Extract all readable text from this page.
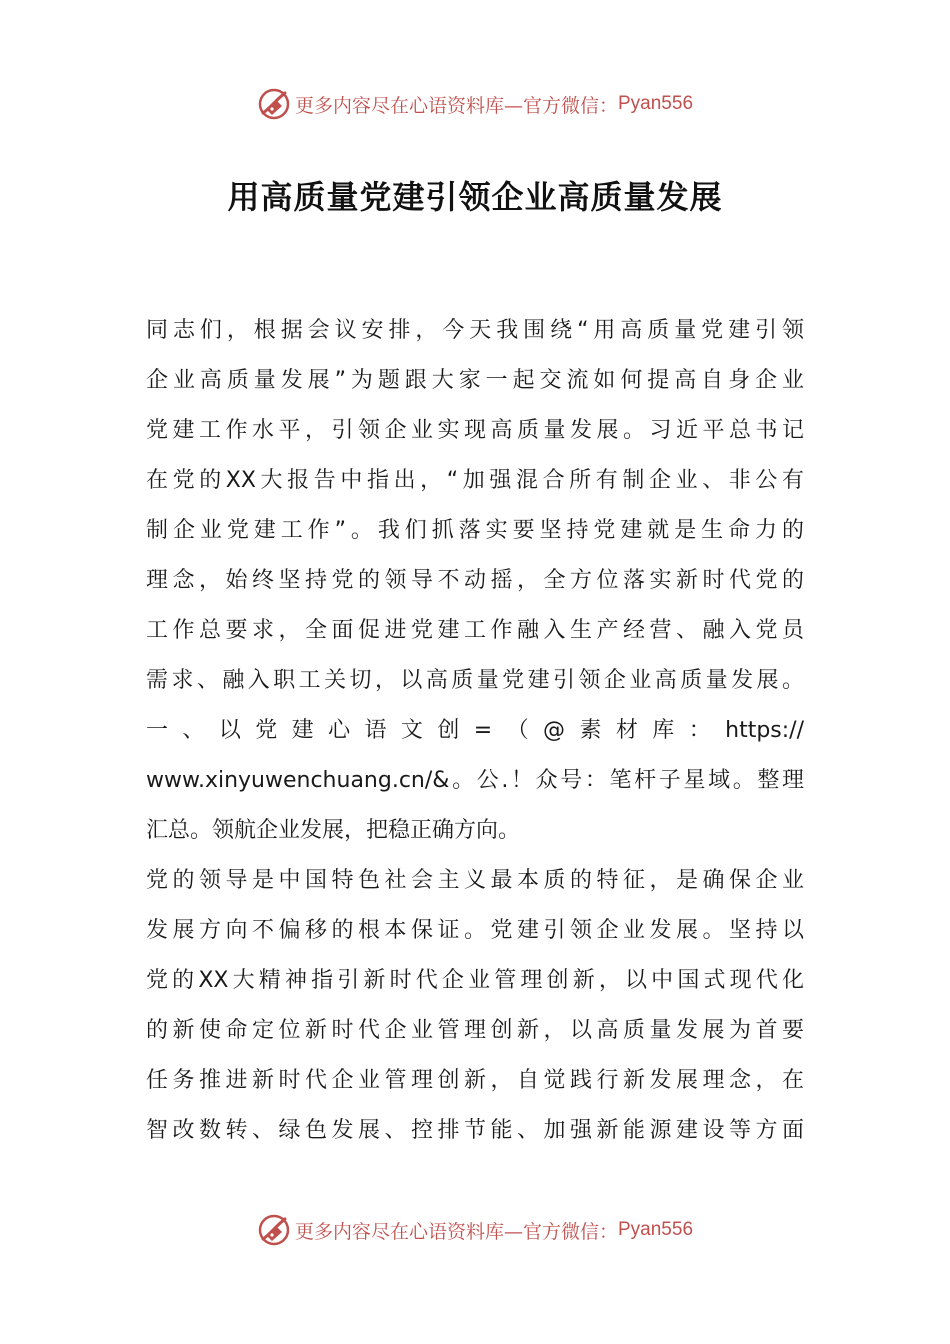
更多内容尽在心语资料库—官方微信： Pyan556
用高质量党建引领企业高质量发展
同志们，根据会议安排，今天我围绕“用高质量党建引领
企业高质量发展”为题跟大家一起交流如何提高自身企业
党建工作水平，引领企业实现高质量发展。习近平总书记
在党的XX大报告中指出，“加强混合所有制企业、非公有
制企业党建工作”。我们抓落实要坚持党建就是生命力的
理念，始终坚持党的领导不动摇，全方位落实新时代党的
工作总要求，全面促进党建工作融入生产经营、融入党员
需求、融入职工关切，以高质量党建引领企业高质量发展。
一、以党建心语文创=（@素材库：https://
www.xinyuwenchuang.cn/&。公.！众号：笔杆子星域。整理
汇总。领航企业发展，把稳正确方向。
党的领导是中国特色社会主义最本质的特征，是确保企业
发展方向不偏移的根本保证。党建引领企业发展。坚持以
党的XX大精神指引新时代企业管理创新，以中国式现代化
的新使命定位新时代企业管理创新，以高质量发展为首要
任务推进新时代企业管理创新，自觉践行新发展理念，在
智改数转、绿色发展、控排节能、加强新能源建设等方面
更多内容尽在心语资料库—官方微信： Pyan556
